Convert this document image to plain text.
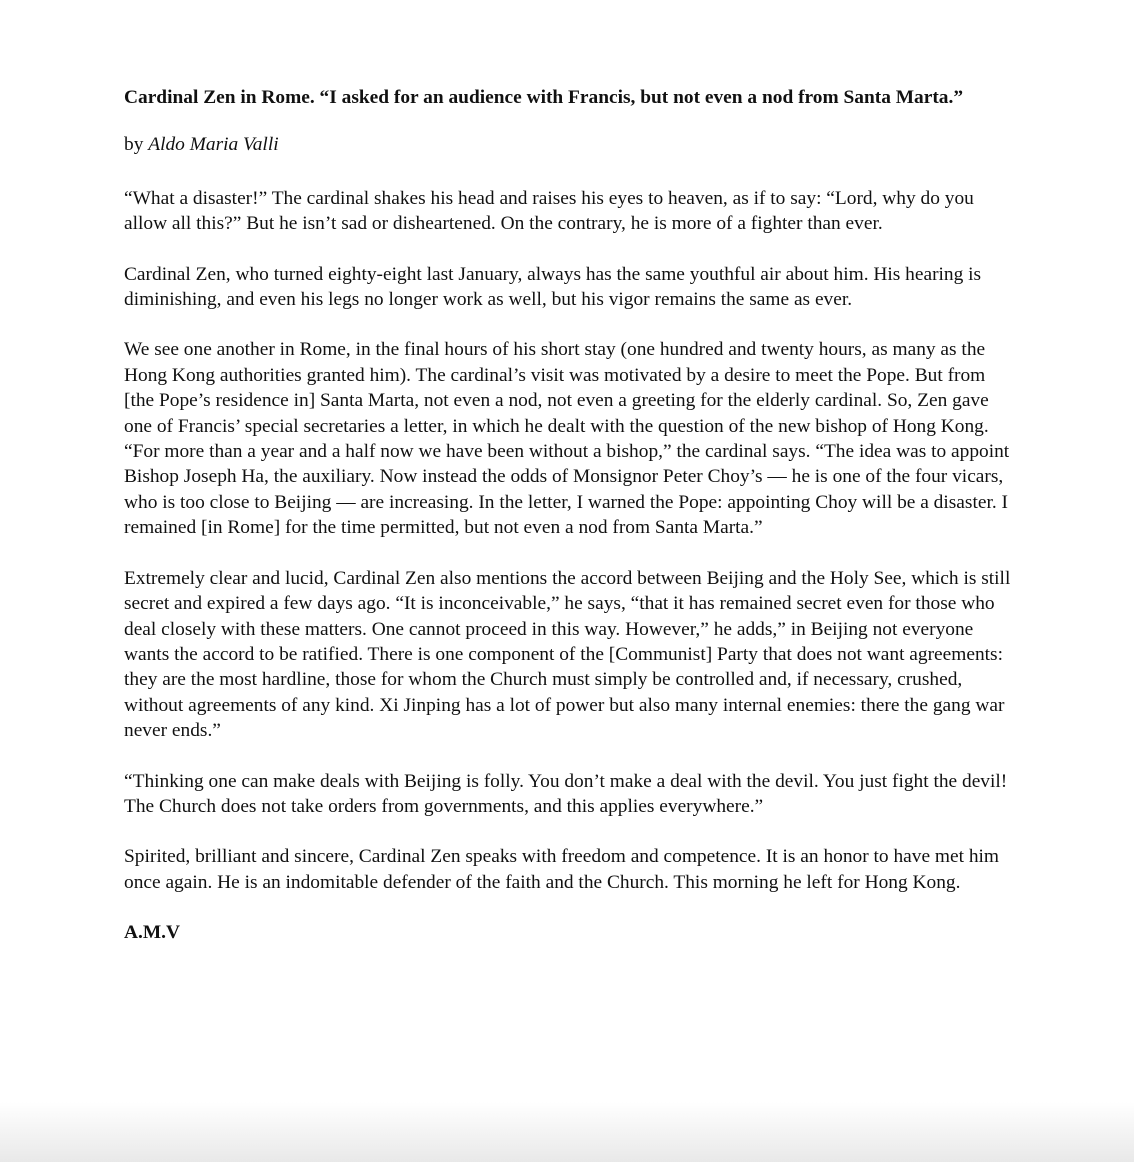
Cardinal Zen in Rome. “I asked for an audience with Francis, but not even a nod from Santa Marta.”

by Aldo Maria Valli

“What a disaster!” The cardinal shakes his head and raises his eyes to heaven, as if to say: “Lord, why do you allow all this?” But he isn’t sad or disheartened. On the contrary, he is more of a fighter than ever.

Cardinal Zen, who turned eighty-eight last January, always has the same youthful air about him. His hearing is diminishing, and even his legs no longer work as well, but his vigor remains the same as ever.

We see one another in Rome, in the final hours of his short stay (one hundred and twenty hours, as many as the Hong Kong authorities granted him). The cardinal’s visit was motivated by a desire to meet the Pope. But from [the Pope’s residence in] Santa Marta, not even a nod, not even a greeting for the elderly cardinal. So, Zen gave one of Francis’ special secretaries a letter, in which he dealt with the question of the new bishop of Hong Kong. “For more than a year and a half now we have been without a bishop,” the cardinal says. “The idea was to appoint Bishop Joseph Ha, the auxiliary. Now instead the odds of Monsignor Peter Choy’s — he is one of the four vicars, who is too close to Beijing — are increasing. In the letter, I warned the Pope: appointing Choy will be a disaster. I remained [in Rome] for the time permitted, but not even a nod from Santa Marta.”

Extremely clear and lucid, Cardinal Zen also mentions the accord between Beijing and the Holy See, which is still secret and expired a few days ago. “It is inconceivable,” he says, “that it has remained secret even for those who deal closely with these matters. One cannot proceed in this way. However,” he adds,” in Beijing not everyone wants the accord to be ratified. There is one component of the [Communist] Party that does not want agreements: they are the most hardline, those for whom the Church must simply be controlled and, if necessary, crushed, without agreements of any kind. Xi Jinping has a lot of power but also many internal enemies: there the gang war never ends.”

“Thinking one can make deals with Beijing is folly. You don’t make a deal with the devil. You just fight the devil! The Church does not take orders from governments, and this applies everywhere.”

Spirited, brilliant and sincere, Cardinal Zen speaks with freedom and competence. It is an honor to have met him once again. He is an indomitable defender of the faith and the Church. This morning he left for Hong Kong.

A.M.V
